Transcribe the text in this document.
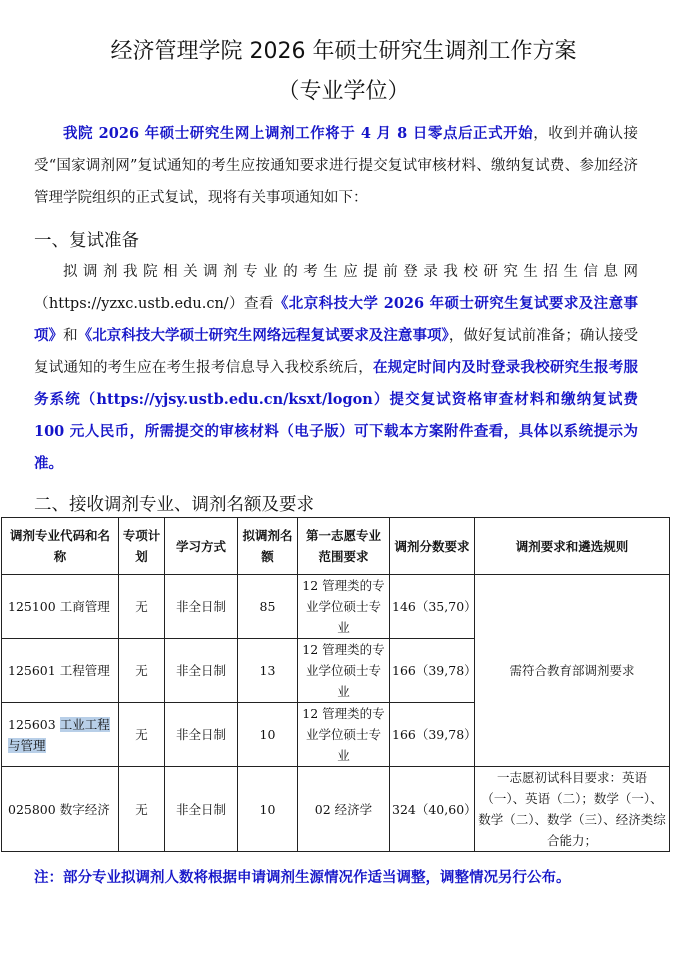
经济管理学院 2026 年硕士研究生调剂工作方案
（专业学位）

我院 2026 年硕士研究生网上调剂工作将于 4 月 8 日零点后正式开始，收到并确认接受“国家调剂网”复试通知的考生应按通知要求进行提交复试审核材料、缴纳复试费、参加经济管理学院组织的正式复试，现将有关事项通知如下：

一、复试准备

拟调剂我院相关调剂专业的考生应提前登录我校研究生招生信息网（https://yzxc.ustb.edu.cn/）查看《北京科技大学 2026 年硕士研究生复试要求及注意事项》和《北京科技大学硕士研究生网络远程复试要求及注意事项》，做好复试前准备；确认接受复试通知的考生应在考生报考信息导入我校系统后，在规定时间内及时登录我校研究生报考服务系统（https://yjsy.ustb.edu.cn/ksxt/logon）提交复试资格审查材料和缴纳复试费 100 元人民币，所需提交的审核材料（电子版）可下载本方案附件查看，具体以系统提示为准。

二、接收调剂专业、调剂名额及要求
调剂专业代码和名称	专项计划	学习方式	拟调剂名额	第一志愿专业范围要求	调剂分数要求	调剂要求和遴选规则
125100 工商管理	无	非全日制	85	12 管理类的专业学位硕士专业	146（35,70）	需符合教育部调剂要求
125601 工程管理	无	非全日制	13	12 管理类的专业学位硕士专业	166（39,78）	
125603 工业工程与管理	无	非全日制	10	12 管理类的专业学位硕士专业	166（39,78）	
025800 数字经济	无	非全日制	10	02 经济学	324（40,60）	一志愿初试科目要求：英语（一）、英语（二）；数学（一）、数学（二）、数学（三）、经济类综合能力；

注：部分专业拟调剂人数将根据申请调剂生源情况作适当调整，调整情况另行公布。
